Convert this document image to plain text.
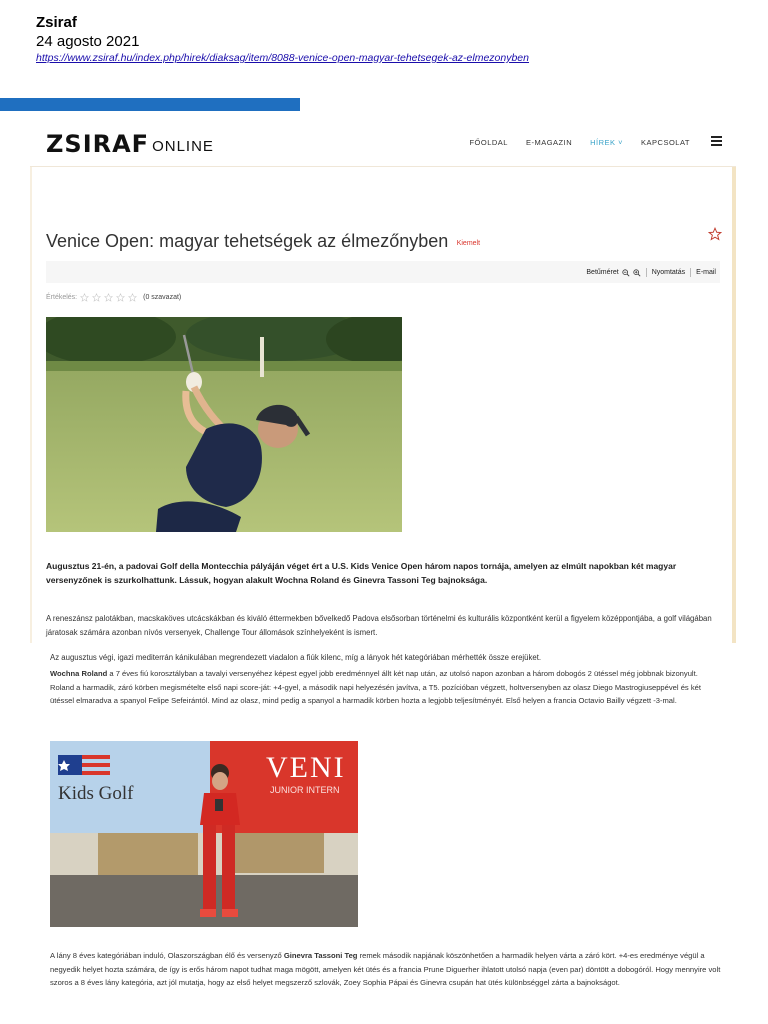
Zsiraf
24 agosto 2021
https://www.zsiraf.hu/index.php/hirek/diaksag/item/8088-venice-open-magyar-tehetsegek-az-elmezonyben
ZSIRAF ONLINE	FŐOLDAL E-MAGAZIN HÍREK ˅ KAPCSOLAT
Venice Open: magyar tehetségek az élmezőnyben Kiemelt
Betűméret	Nyomtatás E-mail
Értékelés:	(0 szavazat)
Augusztus 21-én, a padovai Golf della Montecchia pályáján véget ért a U.S. Kids Venice Open három napos tornája, amelyen az elmúlt napokban két magyar versenyzőnek is szurkolhattunk. Lássuk, hogyan alakult Wochna Roland és Ginevra Tassoni Teg bajnoksága.
A reneszánsz palotákban, macskaköves utcácskákban és kiváló éttermekben bővelkedő Padova elsősorban történelmi és kulturális központként kerül a figyelem középpontjába, a golf világában járatosak számára azonban nívós versenyek, Challenge Tour állomások színhelyeként is ismert.
Az augusztus végi, igazi mediterrán kánikulában megrendezett viadalon a fiúk kilenc, míg a lányok hét kategóriában mérhették össze erejüket.
Wochna Roland a 7 éves fiú korosztályban a tavalyi versenyéhez képest egyel jobb eredménnyel állt két nap után, az utolsó napon azonban a három dobogós 2 ütéssel még jobbnak bizonyult. Roland a harmadik, záró körben megismételte első napi score-ját: +4-gyel, a második napi helyezésén javítva, a T5. pozícióban végzett, holtversenyben az olasz Diego Mastrogiuseppével és két ütéssel elmaradva a spanyol Felipe Sefeirántól. Mind az olasz, mind pedig a spanyol a harmadik körben hozta a legjobb teljesítményét. Első helyen a francia Octavio Bailly végzett -3-mal.
Kids Golf
VENI
JUNIOR INTERN
A lány 8 éves kategóriában induló, Olaszországban élő és versenyző Ginevra Tassoni Teg remek második napjának köszönhetően a harmadik helyen várta a záró kört. +4-es eredménye végül a negyedik helyet hozta számára, de így is erős három napot tudhat maga mögött, amelyen két ütés és a francia Prune Diguerher ihlatott utolsó napja (even par) döntött a dobogóról. Hogy mennyire volt szoros a 8 éves lány kategória, azt jól mutatja, hogy az első helyet megszerző szlovák, Zoey Sophia Pápai és Ginevra csupán hat ütés különbséggel zárta a bajnokságot.
